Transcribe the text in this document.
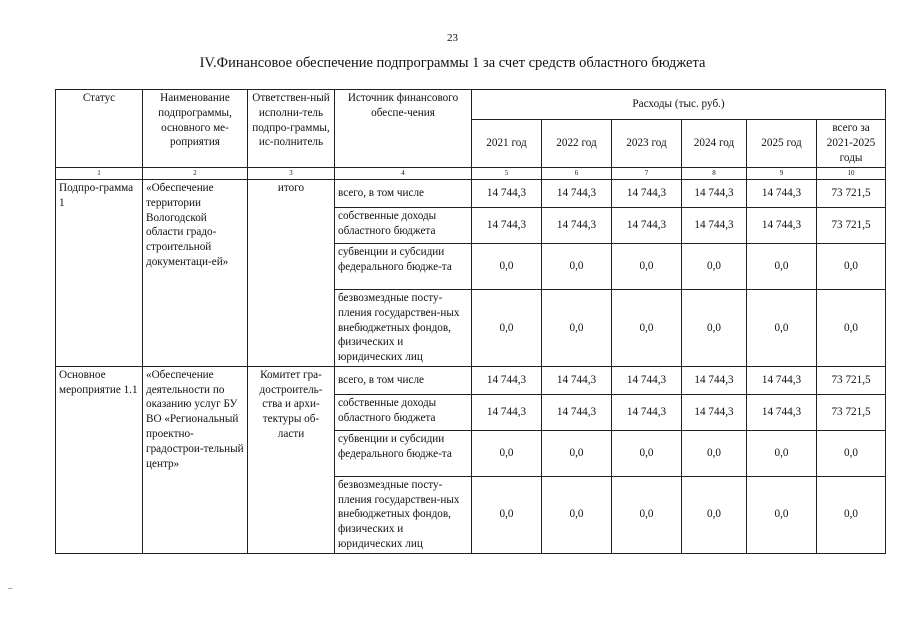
23
IV.Финансовое обеспечение подпрограммы 1 за счет средств областного бюджета
Статус	Наименование подпрограммы, основного ме-роприятия	Ответствен-ный исполни-тель подпро-граммы, ис-полнитель	Источник финансового обеспе-чения	Расходы (тыс. руб.)					
				2021 год	2022 год	2023 год	2024 год	2025 год	всего за 2021-2025 годы
1	2	3	4	5	6	7	8	9	10
Подпро-грамма 1	«Обеспечение территории Вологодской области градо-строительной документаци-ей»	итого	всего, в том числе	14 744,3	14 744,3	14 744,3	14 744,3	14 744,3	73 721,5
			собственные доходы областного бюджета	14 744,3	14 744,3	14 744,3	14 744,3	14 744,3	73 721,5
			субвенции и субсидии федерального бюдже-та	0,0	0,0	0,0	0,0	0,0	0,0
			безвозмездные посту-пления государствен-ных внебюджетных фондов, физических и юридических лиц	0,0	0,0	0,0	0,0	0,0	0,0
Основное мероприятие 1.1	«Обеспечение деятельности по оказанию услуг БУ ВО «Региональный проектно-градострои-тельный центр»	Комитет гра-достроитель-ства и архи-тектуры об-ласти	всего, в том числе	14 744,3	14 744,3	14 744,3	14 744,3	14 744,3	73 721,5
			собственные доходы областного бюджета	14 744,3	14 744,3	14 744,3	14 744,3	14 744,3	73 721,5
			субвенции и субсидии федерального бюдже-та	0,0	0,0	0,0	0,0	0,0	0,0
			безвозмездные посту-пления государствен-ных внебюджетных фондов, физических и юридических лиц	0,0	0,0	0,0	0,0	0,0	0,0
–
